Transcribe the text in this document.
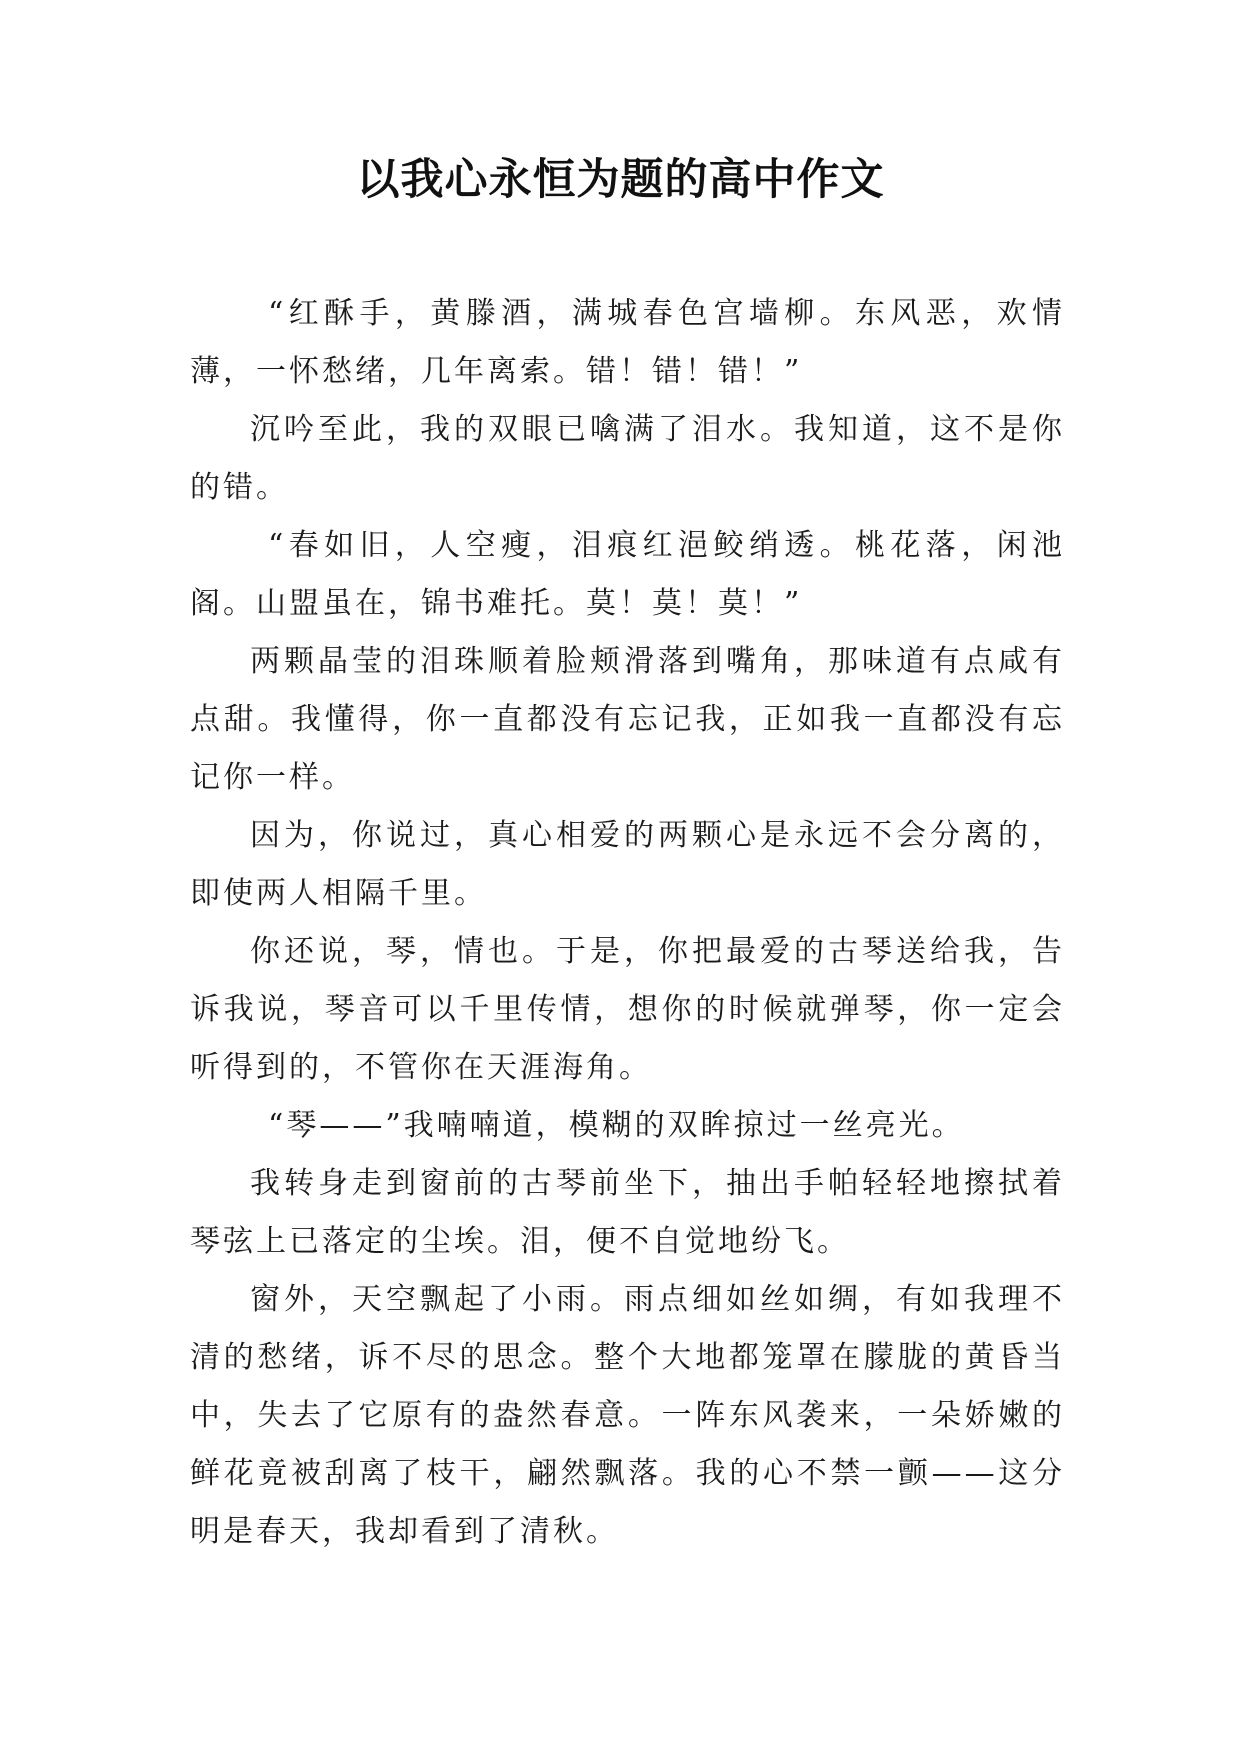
以我心永恒为题的高中作文

“红酥手，黄滕酒，满城春色宫墙柳。东风恶，欢情薄，一怀愁绪，几年离索。错！错！错！”

沉吟至此，我的双眼已噙满了泪水。我知道，这不是你的错。

“春如旧，人空瘦，泪痕红浥鲛绡透。桃花落，闲池阁。山盟虽在，锦书难托。莫！莫！莫！”

两颗晶莹的泪珠顺着脸颊滑落到嘴角，那味道有点咸有点甜。我懂得，你一直都没有忘记我，正如我一直都没有忘记你一样。

因为，你说过，真心相爱的两颗心是永远不会分离的，即使两人相隔千里。

你还说，琴，情也。于是，你把最爱的古琴送给我，告诉我说，琴音可以千里传情，想你的时候就弹琴，你一定会听得到的，不管你在天涯海角。

“琴——”我喃喃道，模糊的双眸掠过一丝亮光。

我转身走到窗前的古琴前坐下，抽出手帕轻轻地擦拭着琴弦上已落定的尘埃。泪，便不自觉地纷飞。

窗外，天空飘起了小雨。雨点细如丝如绸，有如我理不清的愁绪，诉不尽的思念。整个大地都笼罩在朦胧的黄昏当中，失去了它原有的盎然春意。一阵东风袭来，一朵娇嫩的鲜花竟被刮离了枝干，翩然飘落。我的心不禁一颤——这分明是春天，我却看到了清秋。
